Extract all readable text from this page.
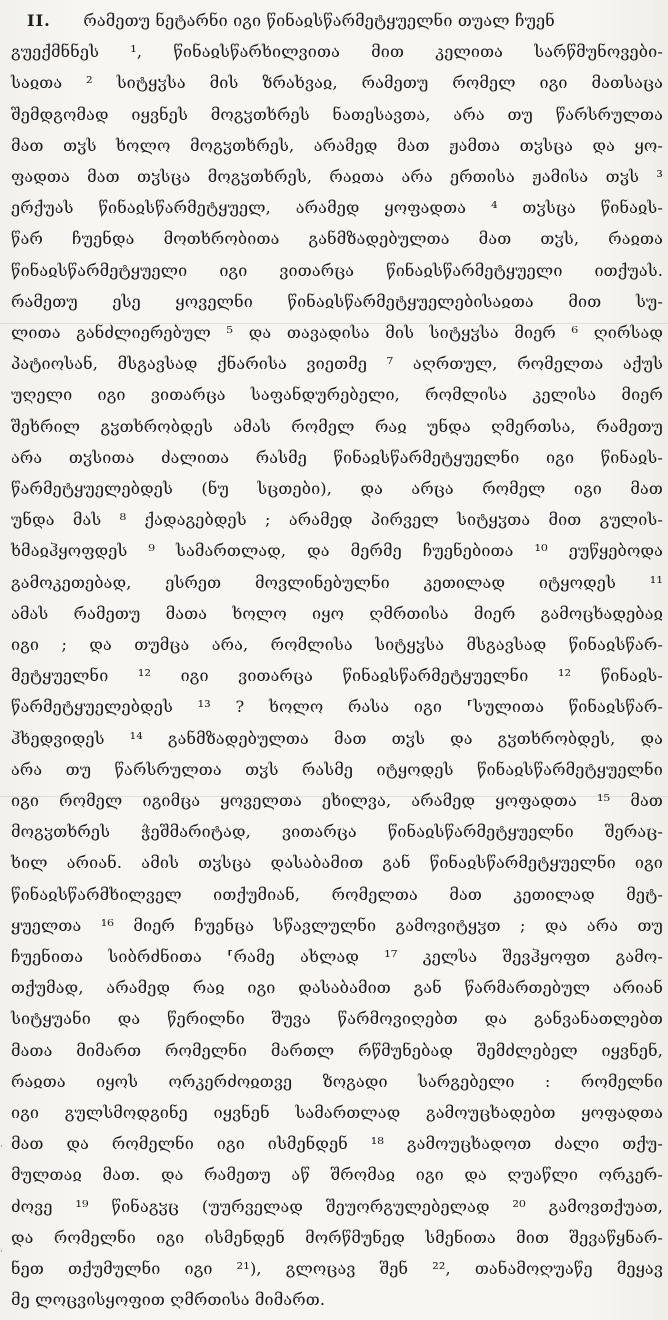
II. რამეთუ ნეტარნი იგი წინაჲსწარმეტყუელნი თუალ ჩუენ
გუექმნნეს ¹, წინაჲსწარხილვითა მით კელითა სარწმუნოვები-
საჲთა ² სიტყჳსა მის ზრახვაჲ, რამეთუ რომელ იგი მათსაცა
შემდგომად იყვნეს მოგჳთხრეს ნათესავთა, არა თუ წარსრულთა
მათ თჳს ხოლო მოგჳთხრეს, არამედ მათ ჟამთა თჳსცა და ყო-
ფადთა მათ თჳსცა მოგჳთხრეს, რაჲთა არა ერთისა ჟამისა თჳს ³
ერქუას წინაჲსწარმეტყუელ, არამედ ყოფადთა ⁴ თჳსცა წინაჲს-
წარ ჩუენდა მოთხრობითა განმზადებულთა მათ თჳს, რაჲთა
წინაჲსწარმეტყუელი იგი ვითარცა წინაჲსწარმეტყუელი ითქუას.
რამეთუ ესე ყოველნი წინაჲსწარმეტყუელებისაჲთა მით სუ-
ლითა განძლიერებულ ⁵ და თავადისა მის სიტყჳსა მიერ ⁶ ღირსად
პატიოსან, მსგავსად ქნარისა ვიეთმე ⁷ აღრთულ, რომელთა აქუს
უღელი იგი ვითარცა საფანდურებელი, რომლისა კელისა მიერ
შეხრილ გჳთხრობდეს ამას რომელ რაჲ უნდა ღმერთსა, რამეთუ
არა თჳსითა ძალითა რასმე წინაჲსწარმეტყუელნი იგი წინაჲს-
წარმეტყუელებდეს (ნუ სცთები), და არცა რომელ იგი მათ
უნდა მას ⁸ ქადაგებდეს ; არამედ პირველ სიტყჳთა მით გულის-
ხმაჲჰყოფდეს ⁹ სამართლად, და მერმე ჩუენებითა ¹⁰ ეუწყებოდა
გამოკეთებად, ესრეთ მოვლინებულნი კეთილად იტყოდეს ¹¹
ამას რამეთუ მათა ხოლო იყო ღმრთისა მიერ გამოცხადებაჲ
იგი ; და თუმცა არა, რომლისა სიტყჳსა მსგავსად წინაჲსწარ-
მეტყუელნი ¹² იგი ვითარცა წინაჲსწარმეტყუელნი ¹² წინაჲს-
წარმეტყუელებდეს ¹³ ? ხოლო რასა იგი ⸢სულითა წინაჲსწარ-
ჰხედვიდეს ¹⁴ განმზადებულთა მათ თჳს და გჳთხრობდეს, და
არა თუ წარსრულთა თჳს რასმე იტყოდეს წინაჲსწარმეტყუელნი
იგი რომელ იგიმცა ყოველთა ეხილვა, არამედ ყოფადთა ¹⁵ მათ
მოგჳთხრეს ჭეშმარიტად, ვითარცა წინაჲსწარმეტყუელნი შერაც-
ხილ არიან. ამის თჳსცა დასაბამით გან წინაჲსწარმეტყუელნი იგი
წინაჲსწარმხილველ ითქუმიან, რომელთა მათ კეთილად მეტ-
ყუელთა ¹⁶ მიერ ჩუენცა სწავლულნი გამოვიტყჳთ ; და არა თუ
ჩუენითა სიბრძნითა ⸢რამე ახლად ¹⁷ კელსა შევჰყოფთ გამო-
თქუმად, არამედ რაჲ იგი დასაბამით გან წარმართებულ არიან
სიტყუანი და წერილნი შუვა წარმოვიღებთ და განვანათლებთ
მათა მიმართ რომელნი მართლ რწმუნებად შემძლებელ იყვნენ,
რაჲთა იყოს ორკერძოჲთვე ზოგადი სარგებელი : რომელნი
იგი გულსმოდგინე იყვნენ სამართლად გამოუცხადებთ ყოფადთა
მათ და რომელნი იგი ისმენდენ ¹⁸ გამოუცხადოთ ძალი თქუ-
მულთაჲ მათ. და რამეთუ აწ შრომაჲ იგი და ღუაწლი ორკერ-
ძოვე ¹⁹ წინაგჳც (უურველად შეუორგულებელად ²⁰ გამოვთქუათ,
და რომელნი იგი ისმენდენ მორწმუნედ სმენითა მით შევაწყნარ-
ნეთ თქუმულნი იგი ²¹), გლოცავ შენ ²², თანამოღუაწე მეყავ
მე ლოცვისყოფით ღმრთისა მიმართ.
·
·
